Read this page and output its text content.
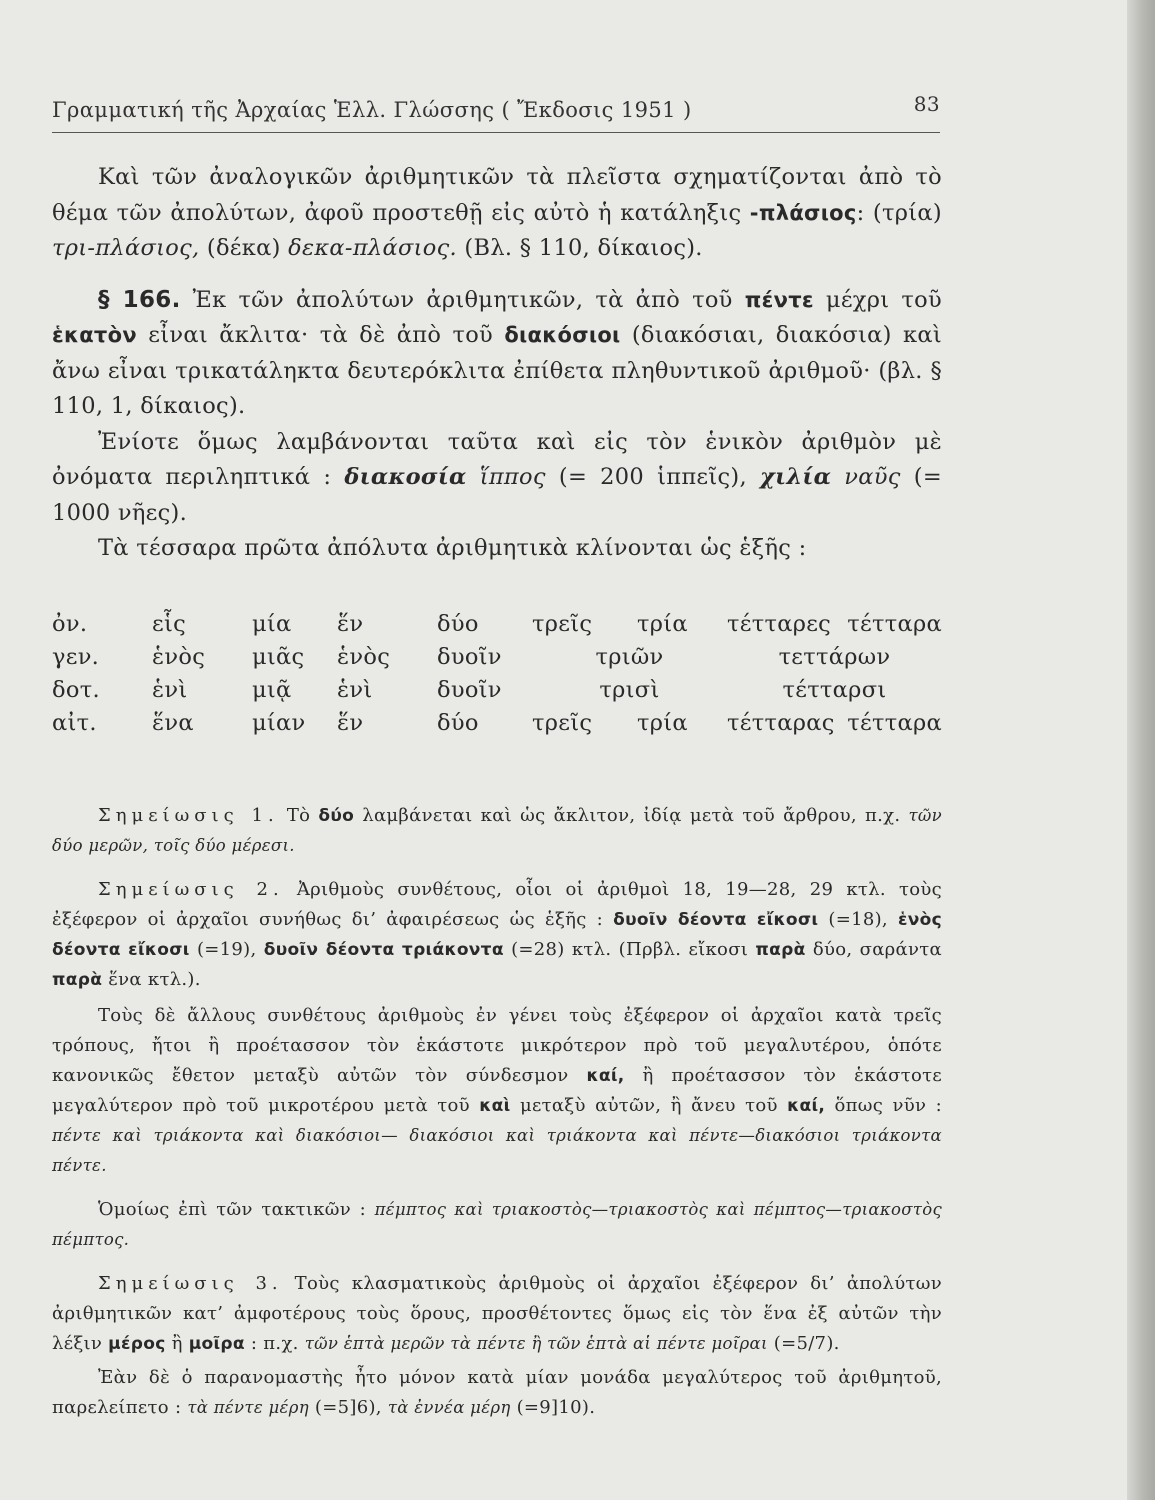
Γραμματική τῆς Ἀρχαίας Ἑλλ. Γλώσσης ( Ἔκδοσις 1951 )	83

Καὶ τῶν ἀναλογικῶν ἀριθμητικῶν τὰ πλεῖστα σχηματίζονται ἀπὸ τὸ θέμα τῶν ἀπολύτων, ἀφοῦ προστεθῇ εἰς αὐτὸ ἡ κατάληξις -πλάσιος: (τρία) τρι-πλάσιος, (δέκα) δεκα-πλάσιος. (Βλ. § 110, δίκαιος).

§ 166. Ἐκ τῶν ἀπολύτων ἀριθμητικῶν, τὰ ἀπὸ τοῦ πέντε μέχρι τοῦ ἑκατὸν εἶναι ἄκλιτα· τὰ δὲ ἀπὸ τοῦ διακόσιοι (διακόσιαι, διακόσια) καὶ ἄνω εἶναι τρικατάληκτα δευτερόκλιτα ἐπίθετα πληθυντικοῦ ἀριθμοῦ· (βλ. § 110, 1, δίκαιος).

Ἐνίοτε ὅμως λαμβάνονται ταῦτα καὶ εἰς τὸν ἑνικὸν ἀριθμὸν μὲ ὀνόματα περιληπτικά : διακοσία ἵππος (= 200 ἱππεῖς), χιλία ναῦς (= 1000 νῆες).

Τὰ τέσσαρα πρῶτα ἀπόλυτα ἀριθμητικὰ κλίνονται ὡς ἑξῆς :

ὀν.	εἷς	μία	ἕν	δύο	τρεῖς	τρία	τέτταρες	τέτταρα
γεν.	ἑνὸς	μιᾶς	ἑνὸς	δυοῖν	τριῶν		τεττάρων	
δοτ.	ἑνὶ	μιᾷ	ἑνὶ	δυοῖν	τρισὶ		τέτταρσι	
αἰτ.	ἕνα	μίαν	ἕν	δύο	τρεῖς	τρία	τέτταρας	τέτταρα

Σημείωσις 1. Τὸ δύο λαμβάνεται καὶ ὡς ἄκλιτον, ἰδίᾳ μετὰ τοῦ ἄρθρου, π.χ. τῶν δύο μερῶν, τοῖς δύο μέρεσι.

Σημείωσις 2. Ἀριθμοὺς συνθέτους, οἷοι οἱ ἀριθμοὶ 18, 19—28, 29 κτλ. τοὺς ἐξέφερον οἱ ἀρχαῖοι συνήθως δι’ ἀφαιρέσεως ὡς ἑξῆς : δυοῖν δέοντα εἴκοσι (=18), ἑνὸς δέοντα εἴκοσι (=19), δυοῖν δέοντα τριάκοντα (=28) κτλ. (Πρβλ. εἴκοσι παρὰ δύο, σαράντα παρὰ ἕνα κτλ.).

Τοὺς δὲ ἄλλους συνθέτους ἀριθμοὺς ἐν γένει τοὺς ἐξέφερον οἱ ἀρχαῖοι κατὰ τρεῖς τρόπους, ἤτοι ἢ προέτασσον τὸν ἑκάστοτε μικρότερον πρὸ τοῦ μεγαλυτέρου, ὁπότε κανονικῶς ἔθετον μεταξὺ αὐτῶν τὸν σύνδεσμον καί, ἢ προέτασσον τὸν ἑκάστοτε μεγαλύτερον πρὸ τοῦ μικροτέρου μετὰ τοῦ καὶ μεταξὺ αὐτῶν, ἢ ἄνευ τοῦ καί, ὅπως νῦν : πέντε καὶ τριάκοντα καὶ διακόσιοι— διακόσιοι καὶ τριάκοντα καὶ πέντε—διακόσιοι τριάκοντα πέντε.

Ὁμοίως ἐπὶ τῶν τακτικῶν : πέμπτος καὶ τριακοστὸς—τριακοστὸς καὶ πέμπτος—τριακοστὸς πέμπτος.

Σημείωσις 3. Τοὺς κλασματικοὺς ἀριθμοὺς οἱ ἀρχαῖοι ἐξέφερον δι’ ἀπολύτων ἀριθμητικῶν κατ’ ἀμφοτέρους τοὺς ὅρους, προσθέτοντες ὅμως εἰς τὸν ἕνα ἐξ αὐτῶν τὴν λέξιν μέρος ἢ μοῖρα : π.χ. τῶν ἑπτὰ μερῶν τὰ πέντε ἢ τῶν ἑπτὰ αἱ πέντε μοῖραι (=5/7).

Ἐὰν δὲ ὁ παρανομαστὴς ἦτο μόνον κατὰ μίαν μονάδα μεγαλύτερος τοῦ ἀριθμητοῦ, παρελείπετο : τὰ πέντε μέρη (=5]6), τὰ ἐννέα μέρη (=9]10).
